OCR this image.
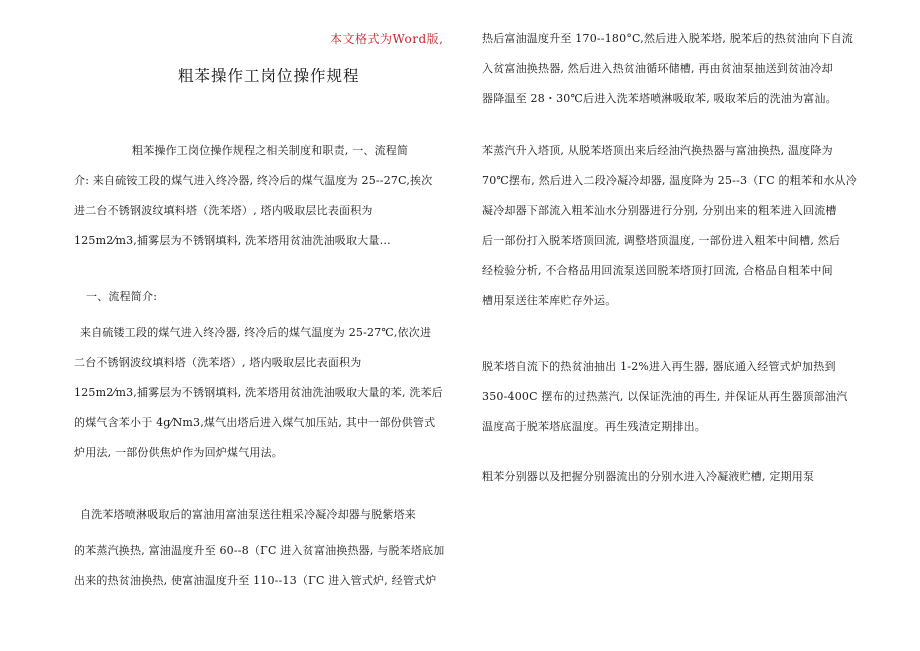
本文格式为Word版,
粗苯操作工岗位操作规程

粗苯操作工岗位操作规程之相关制度和职责, 一、流程简

介: 来自硫铵工段的煤气进入终冷器, 终冷后的煤气温度为 25--27C,挨次
进二台不锈钢波纹填料塔（洗苯塔）, 塔内吸取层比表面积为
125m2⁄m3,捕雾层为不锈钢填料, 洗苯塔用贫油洗油吸取大量…

一、流程简介:

来自硫镂工段的煤气进入终冷器, 终冷后的煤气温度为 25-27℃,依次进

二台不锈钢波纹填料塔（洗苯塔）, 塔内吸取层比表面积为
125m2⁄m3,捕雾层为不锈钢填料, 洗苯塔用贫油洗油吸取大量的苯, 洗苯后
的煤气含苯小于 4g⁄Nm3,煤气出塔后进入煤气加压站, 其中一部份供管式
炉用法, 一部份供焦炉作为回炉煤气用法。

自洗苯塔喷淋吸取后的富油用富油泵送往粗采冷凝冷却器与脱紫塔来

的苯蒸汽换热, 富油温度升至 60--8（ΓC 进入贫富油换热器, 与脱苯塔底加

出来的热贫油换热, 使富油温度升至 110--13（ΓC 进入管式炉, 经管式炉

热后富油温度升至 170--180°C,然后进入脱苯塔, 脱苯后的热贫油向下自流
入贫富油换热器, 然后进入热贫油循环储槽, 再由贫油泵抽送到贫油冷却
器降温至 28・30℃后进入洗苯塔喷淋吸取苯, 吸取苯后的洗油为富汕。

苯蒸汽升入塔顶, 从脱苯塔顶出来后经油汽换热器与富油换热, 温度降为
70℃摆布, 然后进入二段冷凝冷却器, 温度降为 25--3（ΓC 的粗苯和水从冷
凝冷却器下部流入粗苯汕水分别器进行分别, 分别出来的粗苯进入回流槽
后一部份打入脱苯塔顶回流, 调整塔顶温度, 一部份进入粗苯中间槽, 然后
经检验分析, 不合格品用回流泵送回脱苯塔顶打回流, 合格品自粗苯中间
槽用泵送往苯库贮存外运。

脱苯塔自流下的热贫油抽出 1-2%进入再生器, 器底通入经管式炉加热到
350-400C 摆布的过热蒸汽, 以保证洗油的再生, 并保证从再生器顶部油汽
温度高于脱苯塔底温度。再生残渣定期排出。

粗苯分别器以及把握分别器流出的分别水进入冷凝液贮槽, 定期用泵
